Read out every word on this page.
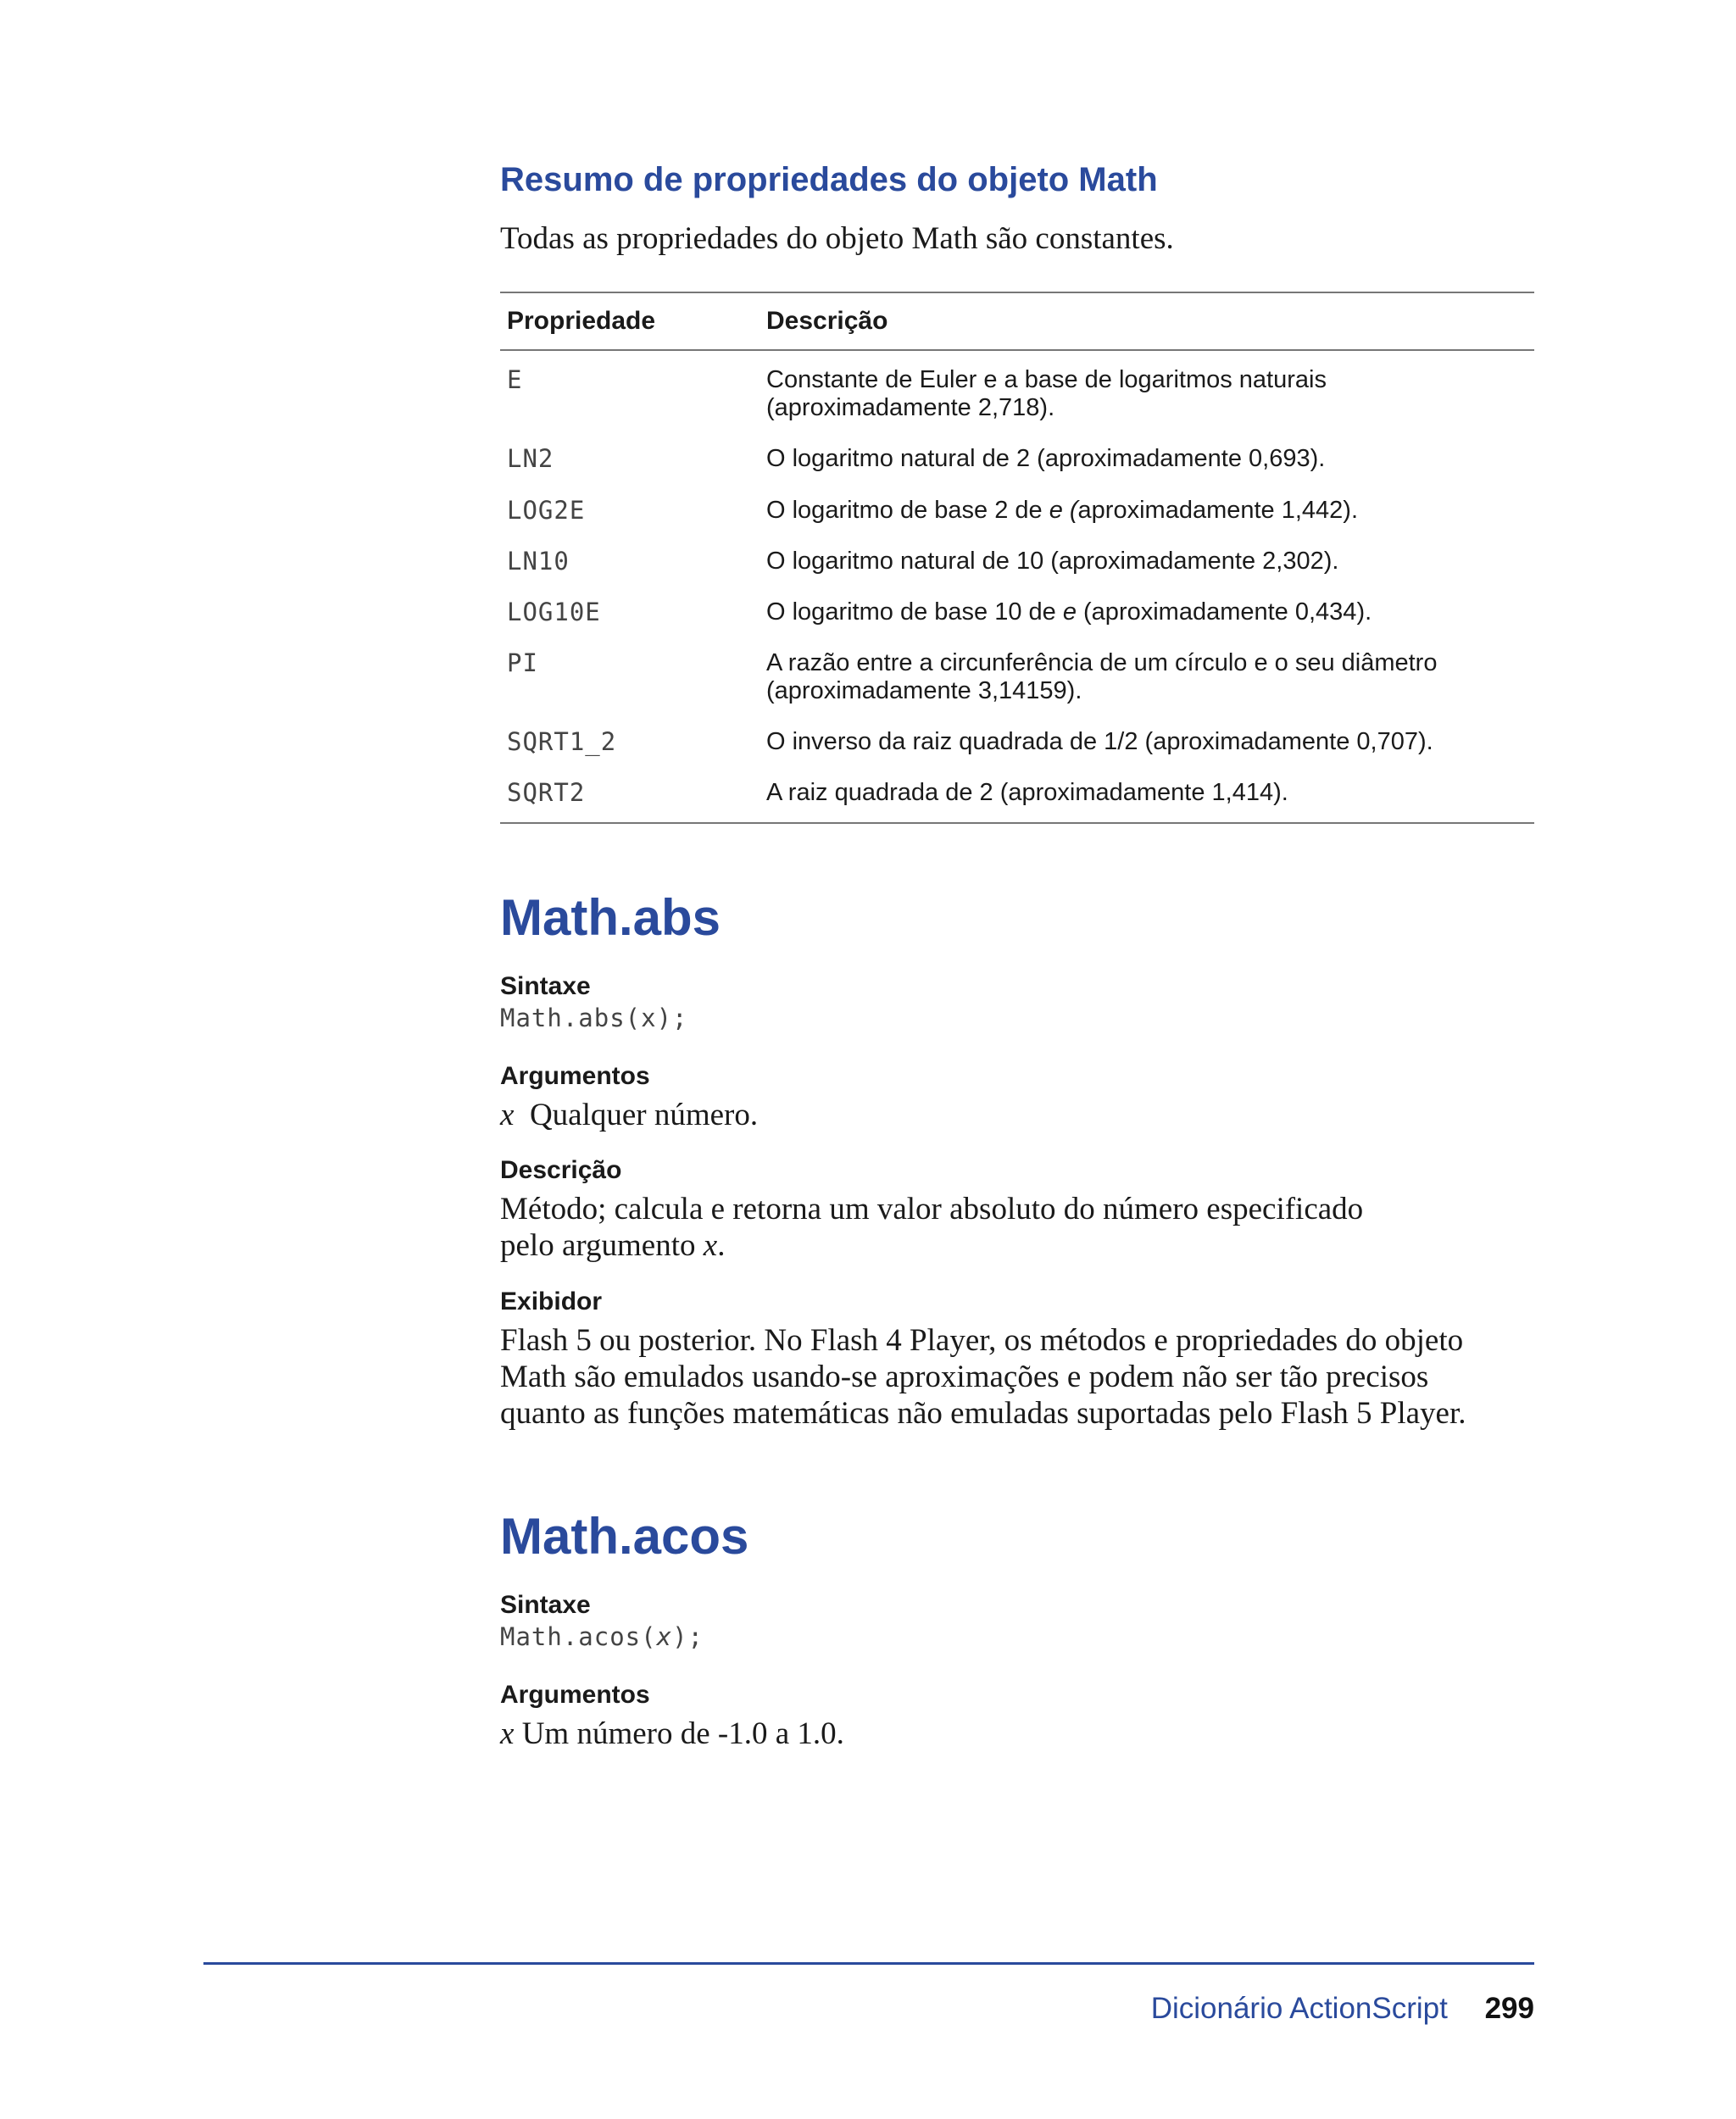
Resumo de propriedades do objeto Math

Todas as propriedades do objeto Math são constantes.

Propriedade	Descrição
E	Constante de Euler e a base de logaritmos naturais
(aproximadamente 2,718).
LN2	O logaritmo natural de 2 (aproximadamente 0,693).
LOG2E	O logaritmo de base 2 de e (aproximadamente 1,442).
LN10	O logaritmo natural de 10 (aproximadamente 2,302).
LOG10E	O logaritmo de base 10 de e (aproximadamente 0,434).
PI	A razão entre a circunferência de um círculo e o seu diâmetro
(aproximadamente 3,14159).
SQRT1_2	O inverso da raiz quadrada de 1/2 (aproximadamente 0,707).
SQRT2	A raiz quadrada de 2 (aproximadamente 1,414).
Math.abs

Sintaxe

Math.abs(x);

Argumentos

x Qualquer número.

Descrição

Método; calcula e retorna um valor absoluto do número especificado
pelo argumento x.

Exibidor

Flash 5 ou posterior. No Flash 4 Player, os métodos e propriedades do objeto
Math são emulados usando-se aproximações e podem não ser tão precisos
quanto as funções matemáticas não emuladas suportadas pelo Flash 5 Player.

Math.acos

Sintaxe

Math.acos(x);

Argumentos

x Um número de -1.0 a 1.0.

Dicionário ActionScript 299
